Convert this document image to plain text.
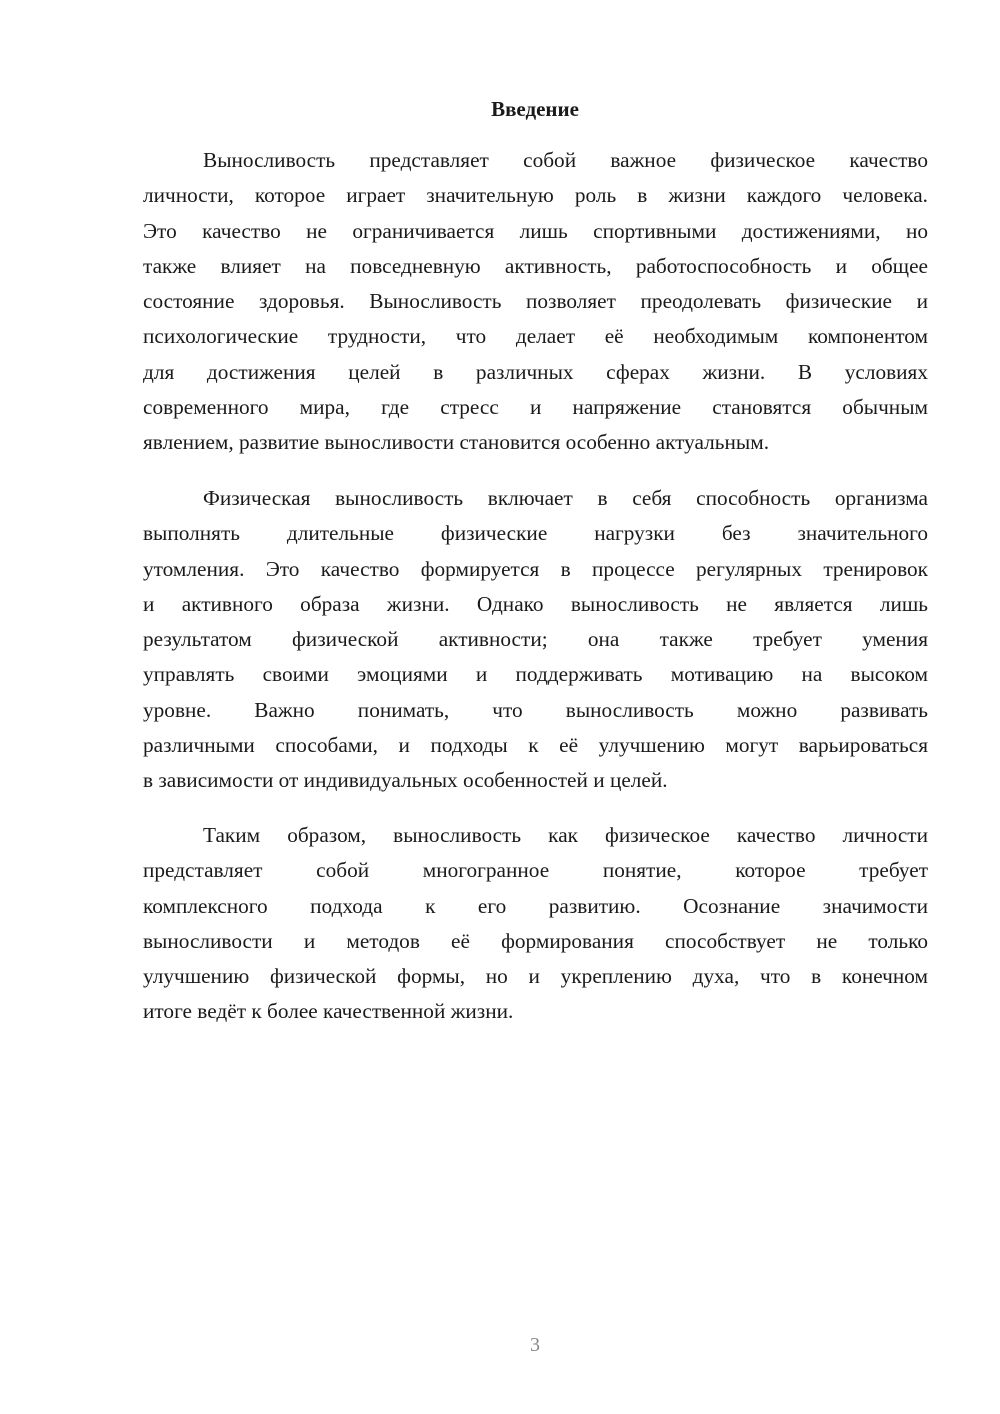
Введение
Выносливость представляет собой важное физическое качество
личности, которое играет значительную роль в жизни каждого человека.
Это качество не ограничивается лишь спортивными достижениями, но
также влияет на повседневную активность, работоспособность и общее
состояние здоровья. Выносливость позволяет преодолевать физические и
психологические трудности, что делает её необходимым компонентом
для достижения целей в различных сферах жизни. В условиях
современного мира, где стресс и напряжение становятся обычным
явлением, развитие выносливости становится особенно актуальным.
Физическая выносливость включает в себя способность организма
выполнять длительные физические нагрузки без значительного
утомления. Это качество формируется в процессе регулярных тренировок
и активного образа жизни. Однако выносливость не является лишь
результатом физической активности; она также требует умения
управлять своими эмоциями и поддерживать мотивацию на высоком
уровне. Важно понимать, что выносливость можно развивать
различными способами, и подходы к её улучшению могут варьироваться
в зависимости от индивидуальных особенностей и целей.
Таким образом, выносливость как физическое качество личности
представляет собой многогранное понятие, которое требует
комплексного подхода к его развитию. Осознание значимости
выносливости и методов её формирования способствует не только
улучшению физической формы, но и укреплению духа, что в конечном
итоге ведёт к более качественной жизни.
3
